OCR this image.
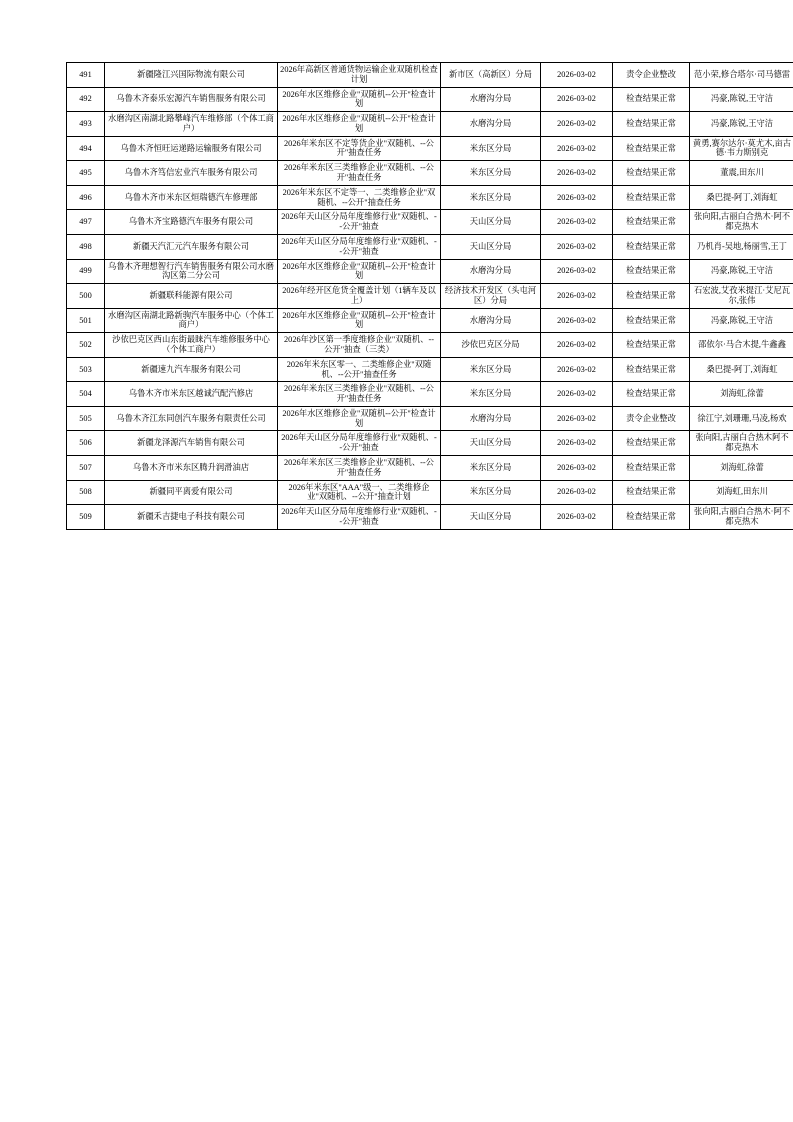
491	新疆隆江兴国际物流有限公司	2026年高新区普通货物运输企业双随机检查计划	新市区（高新区）分局	2026-03-02	责令企业整改	范小荣,修合塔尔·司马德雷

492	乌鲁木齐泰乐宏源汽车销售服务有限公司	2026年水区维修企业"双随机--公开"检查计划	水磨沟分局	2026-03-02	检查结果正常	冯豪,陈锐,王守洁

493	水磨沟区南湖北路攀峰汽车维修部（个体工商户）	2026年水区维修企业"双随机--公开"检查计划	水磨沟分局	2026-03-02	检查结果正常	冯豪,陈锐,王守洁

494	乌鲁木齐恒旺运递路运输服务有限公司	2026年米东区不定等货企业"双随机、--公开"抽查任务	米东区分局	2026-03-02	检查结果正常	黄勇,赛尔达尔·莫尤木,亩古德·韦力斯别克

495	乌鲁木齐笃信宏业汽车服务有限公司	2026年米东区三类维修企业"双随机、--公开"抽查任务	米东区分局	2026-03-02	检查结果正常	董震,田东川

496	乌鲁木齐市米东区烜瑞德汽车修理部	2026年米东区不定等一、二类维修企业"双随机、--公开"抽查任务	米东区分局	2026-03-02	检查结果正常	桑巴提-阿丁,刘海虹

497	乌鲁木齐宝路德汽车服务有限公司	2026年天山区分局年度维修行业"双随机、--公开"抽查	天山区分局	2026-03-02	检查结果正常	张向阳,古丽白合热木·阿不都克热木

498	新疆天汽汇元汽车服务有限公司	2026年天山区分局年度维修行业"双随机、--公开"抽查	天山区分局	2026-03-02	检查结果正常	乃机肖-吴地,杨丽雪,王丁

499	乌鲁木齐理想智行汽车销售服务有限公司水磨沟区第二分公司	2026年水区维修企业"双随机--公开"检查计划	水磨沟分局	2026-03-02	检查结果正常	冯豪,陈锐,王守洁

500	新疆联科能源有限公司	2026年经开区危货全覆盖计划（1辆车及以上）	经济技术开发区（头屯河区）分局	2026-03-02	检查结果正常	石宏波,艾孜米提江·艾尼瓦尔,张伟

501	水磨沟区南湖北路新驹汽车服务中心（个体工商户）	2026年水区维修企业"双随机--公开"检查计划	水磨沟分局	2026-03-02	检查结果正常	冯豪,陈锐,王守洁

502	沙依巴克区西山东街最睐汽车维修服务中心（个体工商户）	2026年沙区第一季度维修企业"双随机、--公开"抽查（三类）	沙依巴克区分局	2026-03-02	检查结果正常	邵依尔·马合木提,牛鑫鑫

503	新疆速九汽车服务有限公司	2026年米东区零一、二类维修企业"双随机、--公开"抽查任务	米东区分局	2026-03-02	检查结果正常	桑巴提-阿丁,刘海虹

504	乌鲁木齐市米东区越诚汽配汽修店	2026年米东区三类维修企业"双随机、--公开"抽查任务	米东区分局	2026-03-02	检查结果正常	刘海虹,徐蕾

505	乌鲁木齐江东同创汽车服务有限责任公司	2026年水区维修企业"双随机--公开"检查计划	水磨沟分局	2026-03-02	责令企业整改	徐江宁,刘珊珊,马凌,杨欢

506	新疆龙泽源汽车销售有限公司	2026年天山区分局年度维修行业"双随机、--公开"抽查	天山区分局	2026-03-02	检查结果正常	张向阳,古丽白合热木阿不都克热木

507	乌鲁木齐市米东区腾升润滑油店	2026年米东区三类维修企业"双随机、--公开"抽查任务	米东区分局	2026-03-02	检查结果正常	刘海虹,徐蕾

508	新疆同平离爱有限公司	2026年米东区"AAA"级一、二类维修企业"双随机、--公开"抽查计划	米东区分局	2026-03-02	检查结果正常	刘海虹,田东川

509	新疆禾吉捷电子科技有限公司	2026年天山区分局年度维修行业"双随机、--公开"抽查	天山区分局	2026-03-02	检查结果正常	张向阳,古丽白合热木·阿不都克热木
